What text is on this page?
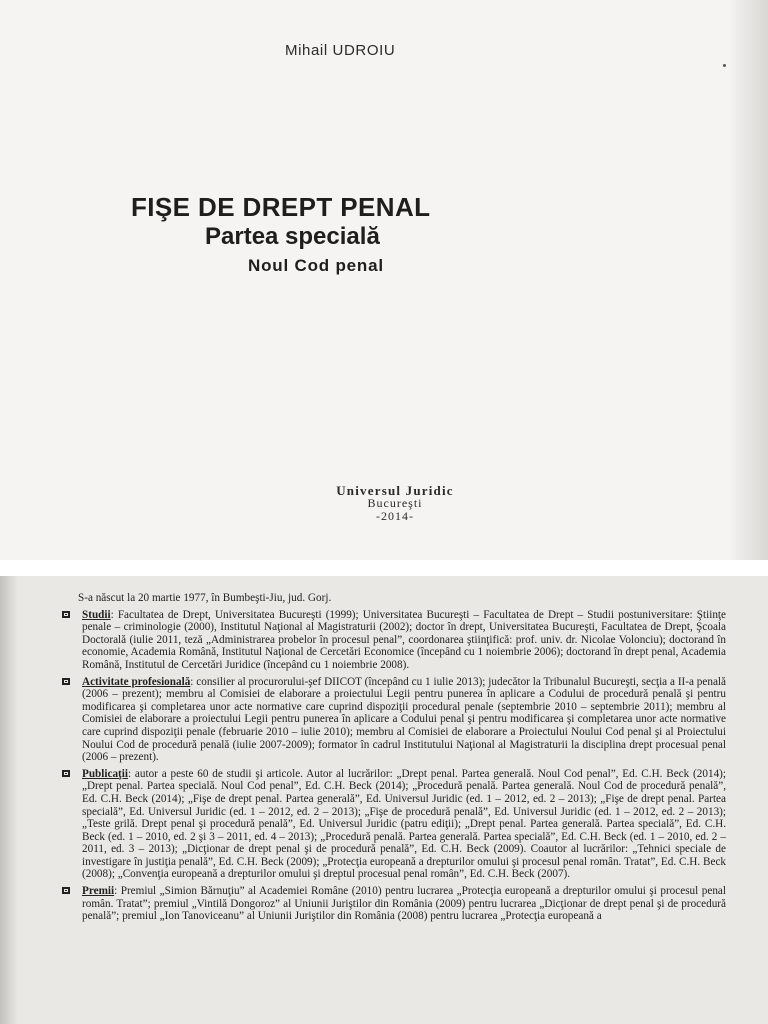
Mihail UDROIU
FIŞE DE DREPT PENAL
Partea specială
Noul Cod penal
Universul Juridic
Bucureşti
-2014-
S-a născut la 20 martie 1977, în Bumbeşti-Jiu, jud. Gorj.
Studii: Facultatea de Drept, Universitatea Bucureşti (1999); Universitatea Bucureşti – Facultatea de Drept – Studii postuniversitare: Ştiinţe penale – criminologie (2000), Institutul Naţional al Magistraturii (2002); doctor în drept, Universitatea Bucureşti, Facultatea de Drept, Şcoala Doctorală (iulie 2011, teză „Administrarea probelor în procesul penal”, coordonarea ştiinţifică: prof. univ. dr. Nicolae Volonciu); doctorand în economie, Academia Română, Institutul Naţional de Cercetări Economice (începând cu 1 noiembrie 2006); doctorand în drept penal, Academia Română, Institutul de Cercetări Juridice (începând cu 1 noiembrie 2008).
Activitate profesională: consilier al procurorului-şef DIICOT (începând cu 1 iulie 2013); judecător la Tribunalul Bucureşti, secţia a II-a penală (2006 – prezent); membru al Comisiei de elaborare a proiectului Legii pentru punerea în aplicare a Codului de procedură penală şi pentru modificarea şi completarea unor acte normative care cuprind dispoziţii procedural penale (septembrie 2010 – septembrie 2011); membru al Comisiei de elaborare a proiectului Legii pentru punerea în aplicare a Codului penal şi pentru modificarea şi completarea unor acte normative care cuprind dispoziţii penale (februarie 2010 – iulie 2010); membru al Comisiei de elaborare a Proiectului Noului Cod penal şi al Proiectului Noului Cod de procedură penală (iulie 2007-2009); formator în cadrul Institutului Naţional al Magistraturii la disciplina drept procesual penal (2006 – prezent).
Publicaţii: autor a peste 60 de studii şi articole. Autor al lucrărilor: „Drept penal. Partea generală. Noul Cod penal”, Ed. C.H. Beck (2014); „Drept penal. Partea specială. Noul Cod penal”, Ed. C.H. Beck (2014); „Procedură penală. Partea generală. Noul Cod de procedură penală”, Ed. C.H. Beck (2014); „Fişe de drept penal. Partea generală”, Ed. Universul Juridic (ed. 1 – 2012, ed. 2 – 2013); „Fişe de drept penal. Partea specială”, Ed. Universul Juridic (ed. 1 – 2012, ed. 2 – 2013); „Fişe de procedură penală”, Ed. Universul Juridic (ed. 1 – 2012, ed. 2 – 2013); „Teste grilă. Drept penal şi procedură penală”, Ed. Universul Juridic (patru ediţii); „Drept penal. Partea generală. Partea specială”, Ed. C.H. Beck (ed. 1 – 2010, ed. 2 şi 3 – 2011, ed. 4 – 2013); „Procedură penală. Partea generală. Partea specială”, Ed. C.H. Beck (ed. 1 – 2010, ed. 2 – 2011, ed. 3 – 2013); „Dicţionar de drept penal şi de procedură penală”, Ed. C.H. Beck (2009). Coautor al lucrărilor: „Tehnici speciale de investigare în justiţia penală”, Ed. C.H. Beck (2009); „Protecţia europeană a drepturilor omului şi procesul penal român. Tratat”, Ed. C.H. Beck (2008); „Convenţia europeană a drepturilor omului şi dreptul procesual penal român”, Ed. C.H. Beck (2007).
Premii: Premiul „Simion Bărnuţiu” al Academiei Române (2010) pentru lucrarea „Protecţia europeană a drepturilor omului şi procesul penal român. Tratat”; premiul „Vintilă Dongoroz” al Uniunii Juriştilor din România (2009) pentru lucrarea „Dicţionar de drept penal şi de procedură penală”; premiul „Ion Tanoviceanu” al Uniunii Juriştilor din România (2008) pentru lucrarea „Protecţia europeană a
